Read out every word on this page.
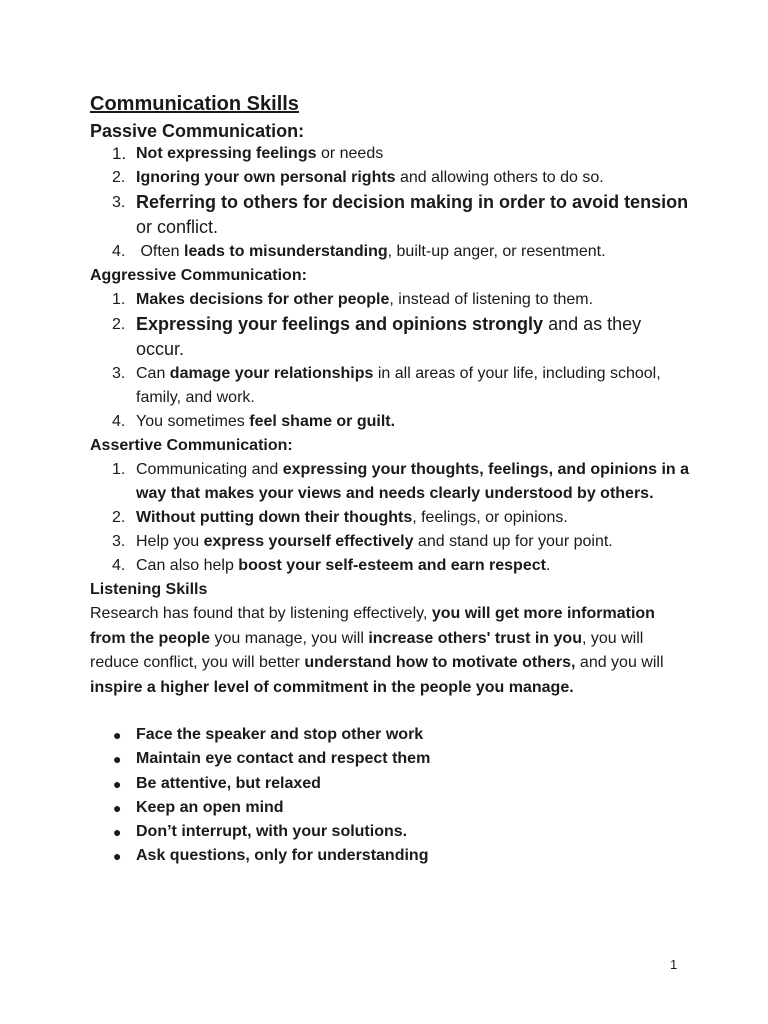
Communication Skills
Passive Communication:
1. Not expressing feelings or needs
2. Ignoring your own personal rights and allowing others to do so.
3. Referring to others for decision making in order to avoid tension or conflict.
4. Often leads to misunderstanding, built-up anger, or resentment.
Aggressive Communication:
1. Makes decisions for other people, instead of listening to them.
2. Expressing your feelings and opinions strongly and as they occur.
3. Can damage your relationships in all areas of your life, including school, family, and work.
4. You sometimes feel shame or guilt.
Assertive Communication:
1. Communicating and expressing your thoughts, feelings, and opinions in a way that makes your views and needs clearly understood by others.
2. Without putting down their thoughts, feelings, or opinions.
3. Help you express yourself effectively and stand up for your point.
4. Can also help boost your self-esteem and earn respect.
Listening Skills

Research has found that by listening effectively, you will get more information from the people you manage, you will increase others' trust in you, you will reduce conflict, you will better understand how to motivate others, and you will inspire a higher level of commitment in the people you manage.

● Face the speaker and stop other work
● Maintain eye contact and respect them
● Be attentive, but relaxed
● Keep an open mind
● Don’t interrupt, with your solutions.
● Ask questions, only for understanding
1
